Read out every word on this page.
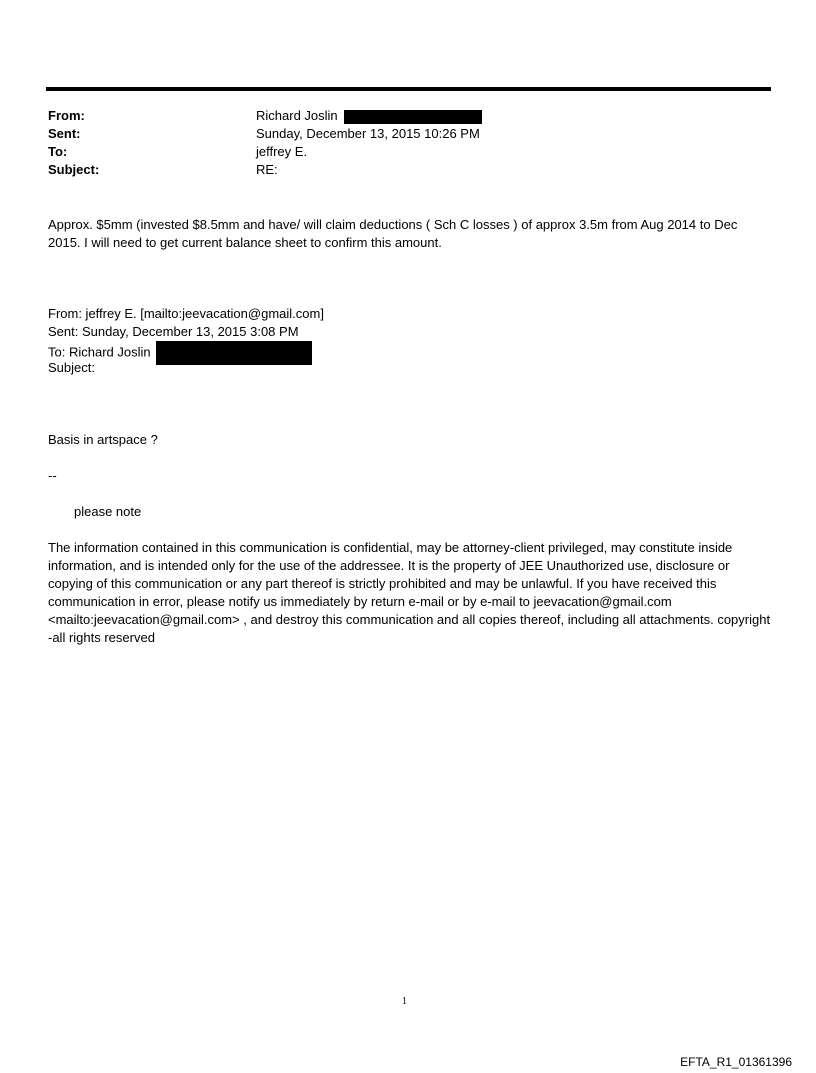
From:	Richard Joslin
Sent:	Sunday, December 13, 2015 10:26 PM
To:	jeffrey E.
Subject:	RE:
Approx. $5mm (invested $8.5mm and have/ will claim deductions ( Sch C losses ) of approx 3.5m from Aug 2014 to Dec 2015. I will need to get current balance sheet to confirm this amount.
From: jeffrey E. [mailto:jeevacation@gmail.com]
Sent: Sunday, December 13, 2015 3:08 PM
To: Richard Joslin
Subject:
Basis in artspace ?
--
please note
The information contained in this communication is confidential, may be attorney-client privileged, may constitute inside information, and is intended only for the use of the addressee. It is the property of JEE Unauthorized use, disclosure or copying of this communication or any part thereof is strictly prohibited and may be unlawful. If you have received this communication in error, please notify us immediately by return e-mail or by e-mail to jeevacation@gmail.com <mailto:jeevacation@gmail.com> , and destroy this communication and all copies thereof, including all attachments. copyright -all rights reserved
1
EFTA_R1_01361396
